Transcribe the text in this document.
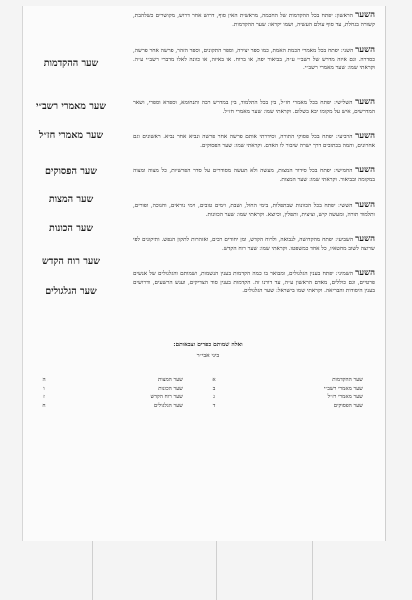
שער ההקדמות
שער מאמרי רשב״י
שער מאמרי חז״ל
שער הפסוקים
שער המצות
שער הכונות
שער רוח הקדש
שער הגלגולים
השער הראשון: יפתח בכל ההקדמות של החכמה, מראשית האין סוף, דרוש אחר דרוש, מקושרים כשלהבת, קשורה בגחלת, עד סוף עולם העשיה, ושמו יקראו: שער ההקדמות.
השער השני: יפתח בכל מאמרי הכמת האמת, כמו ספר יצירה, וספר התקונים, וספר הזהר, פרשה אחר פרשה, כסדרה. וגם איזה מדרש של רשב״י ע״ה, בביאור יפה, או ברוח. או באיזה, או כוונה לאלו מדברי רשב״י ע״ה. וקראתי שמו: שער מאמרי רשב״י.
השער השלישי: יפתח בכל מאמרי חז״ל, בין בכל התלמוד, בין במדרש רבה ותנחומא, וספרא וספרי, ושאר המדרשים, איש על מקומו יבא בשלום. וקראתי שמו: שער מאמרי חז״ל.
השער הרביעי: יפתח בכל פסוקי התורה, וסידרתי אותם פרשה אחר פרשה ונביא אחר נביא. ראשונים וגם אחרונים, והמה בכתובים דרך ישרה שיבור לו האדם. וקראתי שמו: שער הפסוקים.
השער החמישי: יפתח בכל סידור המצות, מעשה ולא תעשה מסודרים על סדר הפרשיות, כל מצוה ומצוה במקומה ובביאור. וקראתי שמו: שער המצות.
השער הששי: יפתח בכל הכוונות שבתפלות, בימי החול, ושבת, וימים טובים, וימי נוראים, וחנוכה, ופורים, ותלמוד תורה, ומעשה קיש, וציצית, ותפלין, וכיוצא. וקראתי שמו: שער הכוונות.
השער השביעי: יפתח מהקדושה, לנבואה, ולרוח הקדש, ומן יחודים רבים, ואזהרות לתקון הנפש. ותיקונים לפי שרוצה לשוב מחטאיו, כל אחד כמשפטו. וקראתי שמו: שער רוח הקדש.
השער השמיני: יפתח בענין הגלגולים, ומבואר בו כמה הקדמות בענין הנשמות, ושמותם והגלגולים של אנשים פרטיים, וגם כוללים, מאדם הראשון ע״ה, עד דורנו זה. הקדמות בענין סוד הצדיקים, וענש הרשעים, ודרושים בענין היסודות והבריאה. וקראתי שמו בישראל: שער הגלגולים.
ואלה שמותם כפרים וצבאותם:
ביני אבי״ר
א
ב
ג
ד
שער ההקדמות
שער מאמרי רשב״י
שער מאמרי רז״ל
שער הפסוקים
ה
ו
ז
ח
שער המצות
שער הכונות
שער רוח הקדש
שער הגלגולים
